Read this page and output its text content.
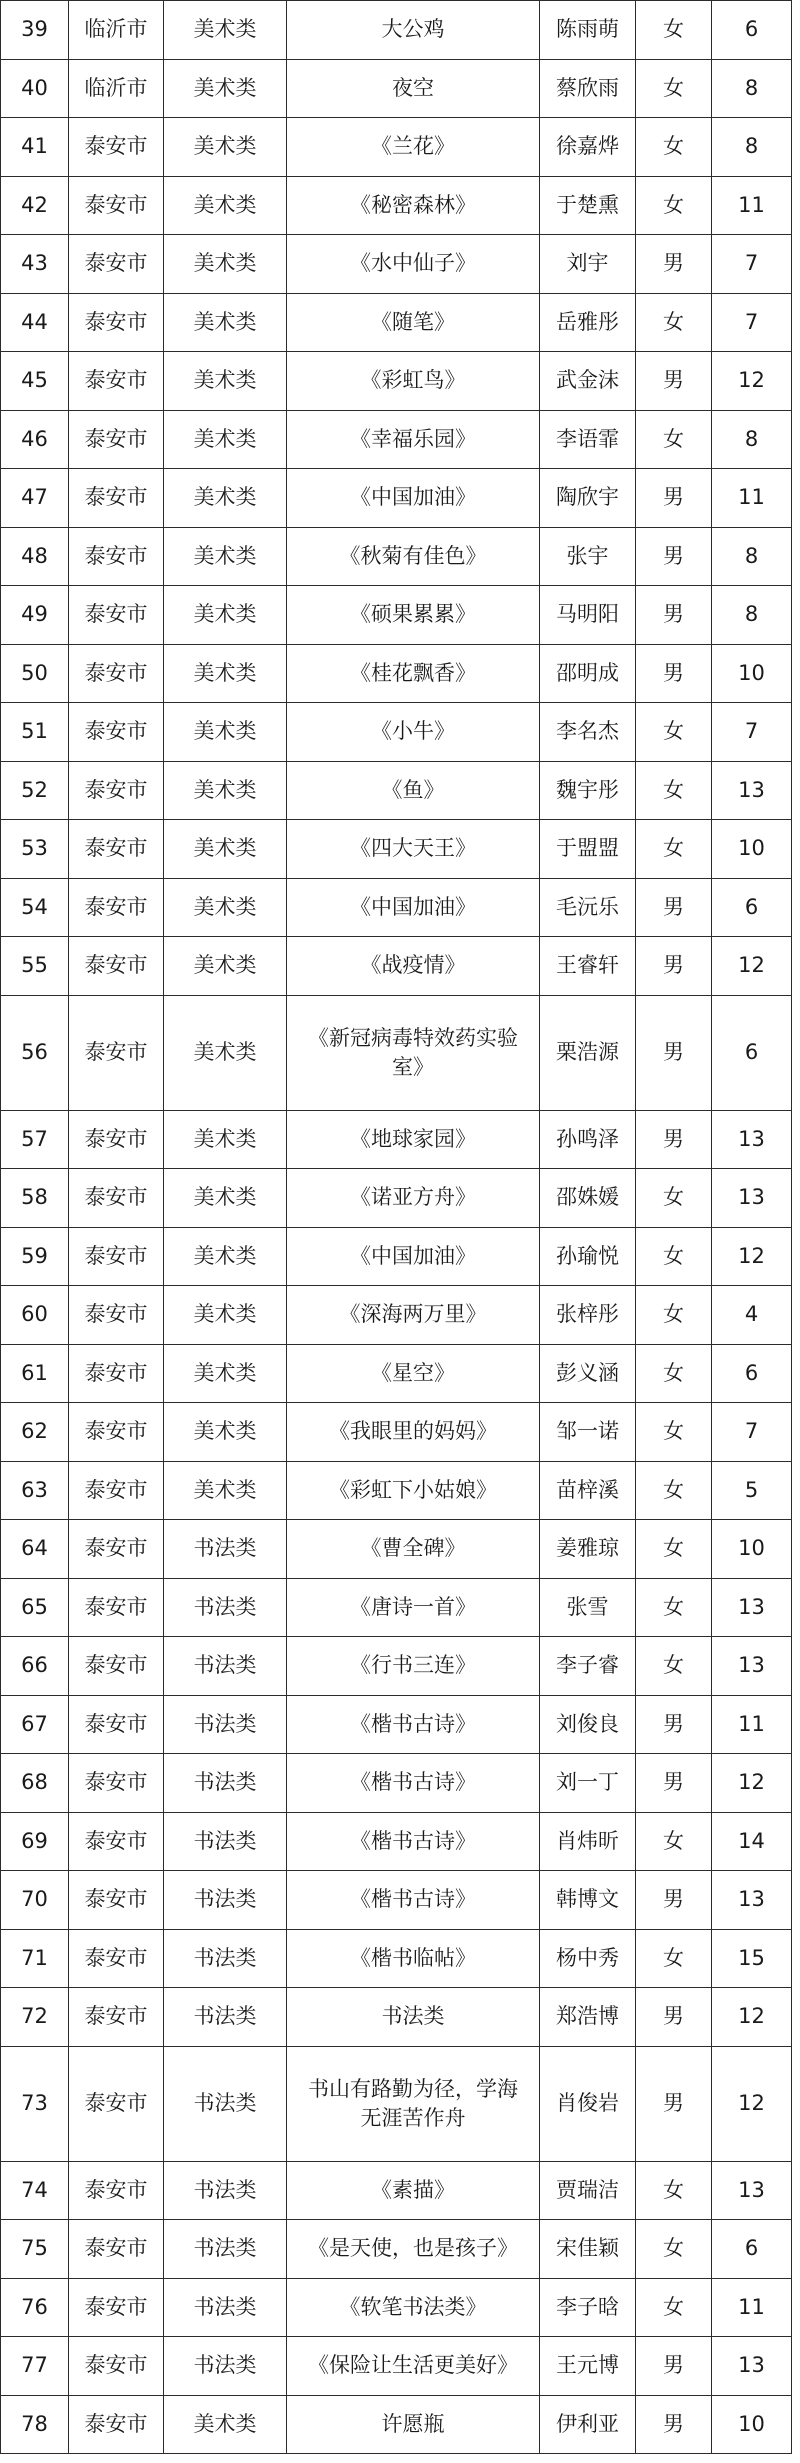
39	临沂市	美术类	大公鸡	陈雨萌	女	6
40	临沂市	美术类	夜空	蔡欣雨	女	8
41	泰安市	美术类	《兰花》	徐嘉烨	女	8
42	泰安市	美术类	《秘密森林》	于楚熏	女	11
43	泰安市	美术类	《水中仙子》	刘宇	男	7
44	泰安市	美术类	《随笔》	岳雅彤	女	7
45	泰安市	美术类	《彩虹鸟》	武金沫	男	12
46	泰安市	美术类	《幸福乐园》	李语霏	女	8
47	泰安市	美术类	《中国加油》	陶欣宇	男	11
48	泰安市	美术类	《秋菊有佳色》	张宇	男	8
49	泰安市	美术类	《硕果累累》	马明阳	男	8
50	泰安市	美术类	《桂花飘香》	邵明成	男	10
51	泰安市	美术类	《小牛》	李名杰	女	7
52	泰安市	美术类	《鱼》	魏宇彤	女	13
53	泰安市	美术类	《四大天王》	于盟盟	女	10
54	泰安市	美术类	《中国加油》	毛沅乐	男	6
55	泰安市	美术类	《战疫情》	王睿轩	男	12
56	泰安市	美术类	《新冠病毒特效药实验室》	栗浩源	男	6
57	泰安市	美术类	《地球家园》	孙鸣泽	男	13
58	泰安市	美术类	《诺亚方舟》	邵姝媛	女	13
59	泰安市	美术类	《中国加油》	孙瑜悦	女	12
60	泰安市	美术类	《深海两万里》	张梓彤	女	4
61	泰安市	美术类	《星空》	彭义涵	女	6
62	泰安市	美术类	《我眼里的妈妈》	邹一诺	女	7
63	泰安市	美术类	《彩虹下小姑娘》	苗梓溪	女	5
64	泰安市	书法类	《曹全碑》	姜雅琼	女	10
65	泰安市	书法类	《唐诗一首》	张雪	女	13
66	泰安市	书法类	《行书三连》	李子睿	女	13
67	泰安市	书法类	《楷书古诗》	刘俊良	男	11
68	泰安市	书法类	《楷书古诗》	刘一丁	男	12
69	泰安市	书法类	《楷书古诗》	肖炜昕	女	14
70	泰安市	书法类	《楷书古诗》	韩博文	男	13
71	泰安市	书法类	《楷书临帖》	杨中秀	女	15
72	泰安市	书法类	书法类	郑浩博	男	12
73	泰安市	书法类	书山有路勤为径，学海无涯苦作舟	肖俊岩	男	12
74	泰安市	书法类	《素描》	贾瑞洁	女	13
75	泰安市	书法类	《是天使，也是孩子》	宋佳颖	女	6
76	泰安市	书法类	《软笔书法类》	李子晗	女	11
77	泰安市	书法类	《保险让生活更美好》	王元博	男	13
78	泰安市	美术类	许愿瓶	伊利亚	男	10
